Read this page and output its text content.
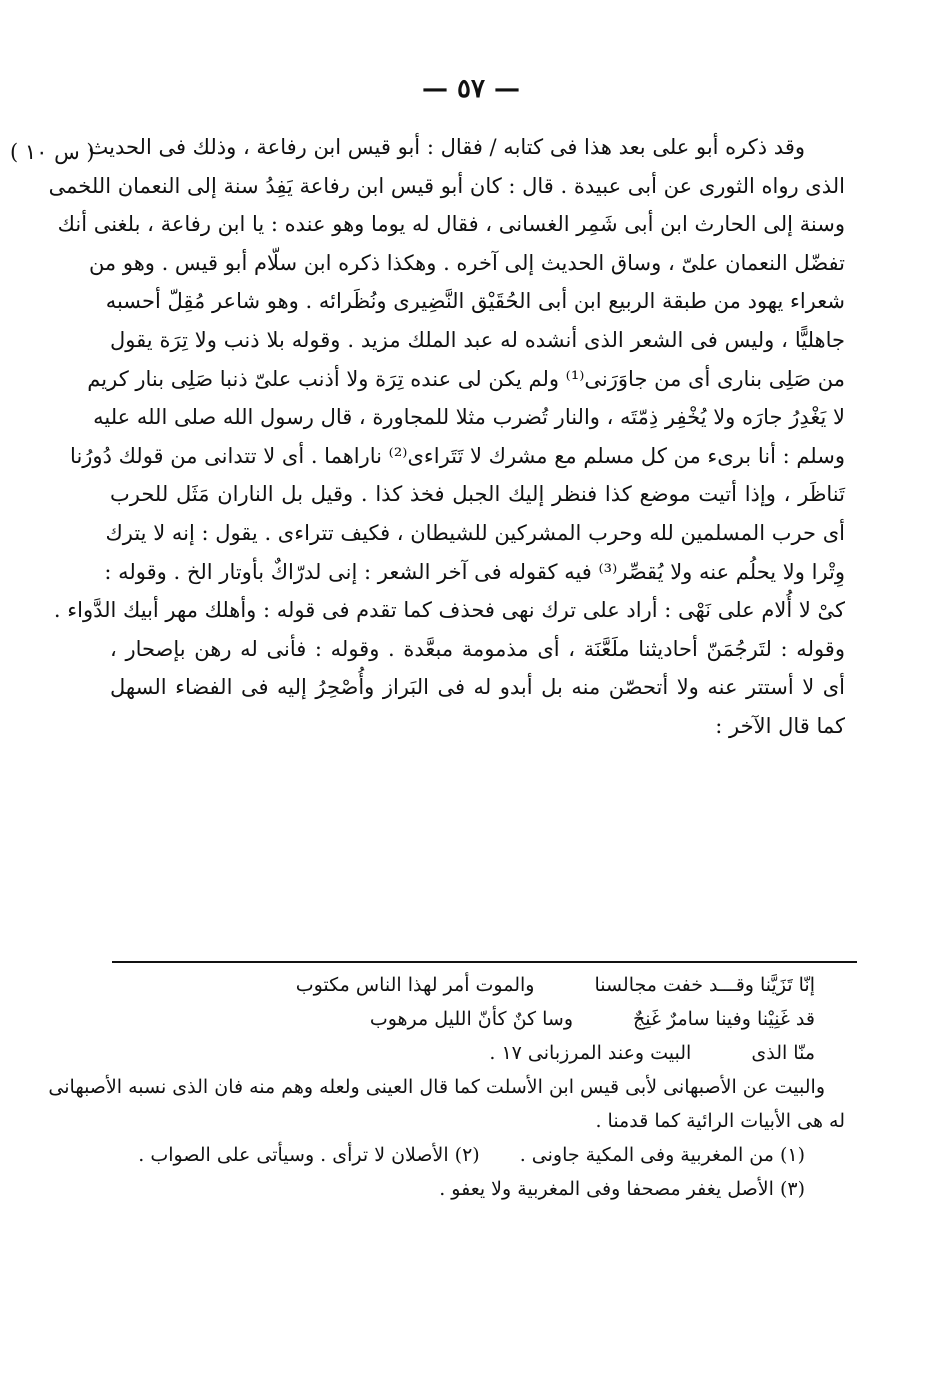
— ٥٧ —
( س ١٠ )
وقد ذكره أبو على بعد هذا فى كتابه / فقال : أبو قيس ابن رفاعة ، وذلك فى الحديث
الذى رواه الثورى عن أبى عبيدة . قال : كان أبو قيس ابن رفاعة يَفِدُ سنة إلى النعمان اللخمى
وسنة إلى الحارث ابن أبى شَمِر الغسانى ، فقال له يوما وهو عنده : يا ابن رفاعة ، بلغنى أنك
تفضّل النعمان علىّ ، وساق الحديث إلى آخره . وهكذا ذكره ابن سلّام أبو قيس . وهو من
شعراء يهود من طبقة الربيع ابن أبى الحُقَيْق النَّضِيرى ونُظَرائه . وهو شاعر مُقِلّ أحسبه
جاهليًّا ، وليس فى الشعر الذى أنشده له عبد الملك مزيد . وقوله بلا ذنب ولا تِرَة يقول
من صَلِى بنارى أى من جاوَرَنى⁽¹⁾ ولم يكن لى عنده تِرَة ولا أذنب علىّ ذنبا صَلِى بنار كريم
لا يَغْدِرُ جارَه ولا يُخْفِر ذِمّتَه ، والنار تُضرب مثلا للمجاورة ، قال رسول الله صلى الله عليه
وسلم : أنا برىء من كل مسلم مع مشرك لا تَتَراءى⁽²⁾ ناراهما . أى لا تتدانى من قولك دُورُنا
تَناظَر ، وإذا أتيت موضع كذا فنظر إليك الجبل فخذ كذا . وقيل بل الناران مَثَل للحرب
أى حرب المسلمين لله وحرب المشركين للشيطان ، فكيف تتراءى . يقول : إنه لا يترك
وِتْرا ولا يحلُم عنه ولا يُقصِّر⁽³⁾ فيه كقوله فى آخر الشعر : إنى لدرّاكٌ بأوتار الخ . وقوله :
كىْ لا أُلام على نَهْى : أراد على ترك نهى فحذف كما تقدم فى قوله : وأهلك مهر أبيك الدَّواء .
وقوله : لتَرجُمَنّ أحاديثنا ملَعَّنَة ، أى مذمومة مبعَّدة . وقوله : فأنى له رهن بإصحار ،
أى لا أستتر عنه ولا أتحصّن منه بل أبدو له فى البَراز وأُصْحِرُ إليه فى الفضاء السهل
كما قال الآخر :
إنّا تَزَيَّنا وقـــد خفت مجالسنا
والموت أمر لهذا الناس مكتوب
قد غَنِيْنا وفينا سامرٌ غَنِجٌ
وسا كنٌ كأنّ الليل مرهوب
منّا الذى
البيت وعند المرزبانى ١٧ .
والبيت عن الأصبهانى لأبى قيس ابن الأسلت كما قال العينى ولعله وهم منه فان الذى نسبه الأصبهانى
له هى الأبيات الرائية كما قدمنا .
(١) من المغربية وفى المكية جاونى .
(٢) الأصلان لا ترأى . وسيأتى على الصواب .
(٣) الأصل يغفر مصحفا وفى المغربية ولا يعفو .
